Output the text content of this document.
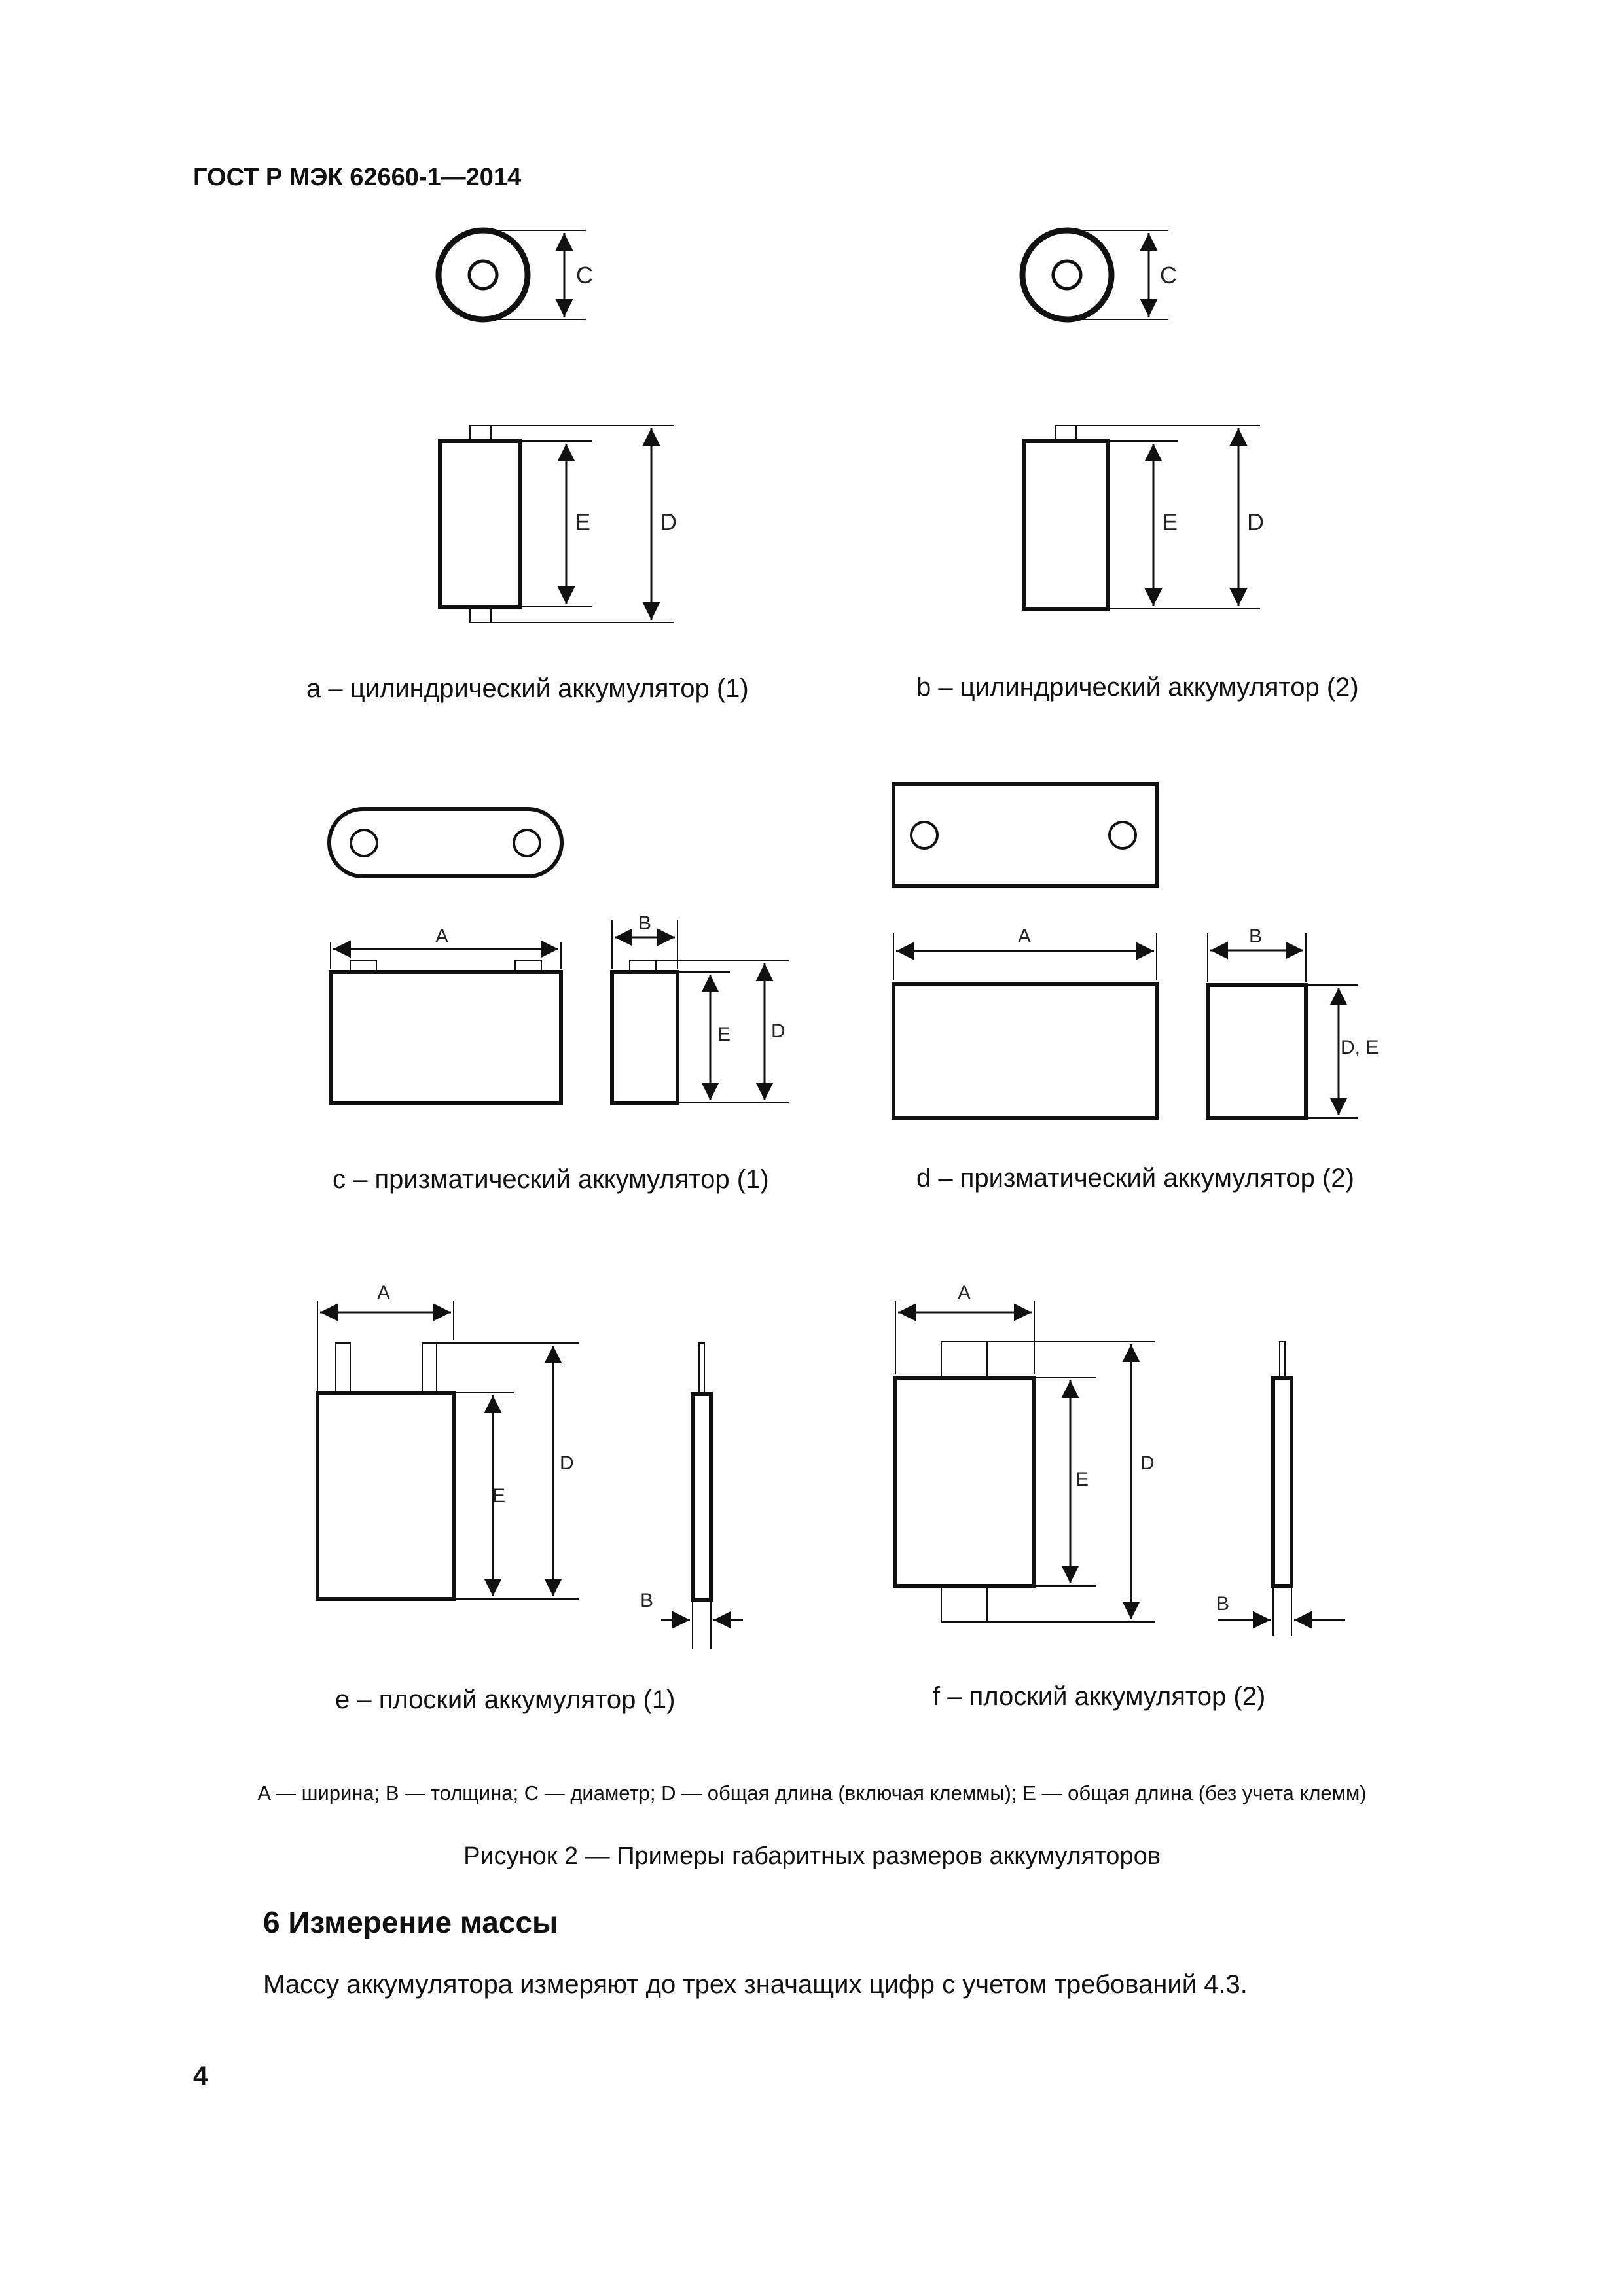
ГОСТ Р МЭК 62660-1—2014
C
E	D
C
E	D
A
B
E D
A	B
D, E
A
E
D
B
A
E
D
B
a – цилиндрический аккумулятор (1)	b – цилиндрический аккумулятор (2)
c – призматический аккумулятор (1)	d – призматический аккумулятор (2)
e – плоский аккумулятор (1)	f – плоский аккумулятор (2)
A — ширина; B — толщина; C — диаметр; D — общая длина (включая клеммы); E — общая длина (без учета клемм)
Рисунок 2 — Примеры габаритных размеров аккумуляторов
6 Измерение массы
Массу аккумулятора измеряют до трех значащих цифр с учетом требований 4.3.
4
